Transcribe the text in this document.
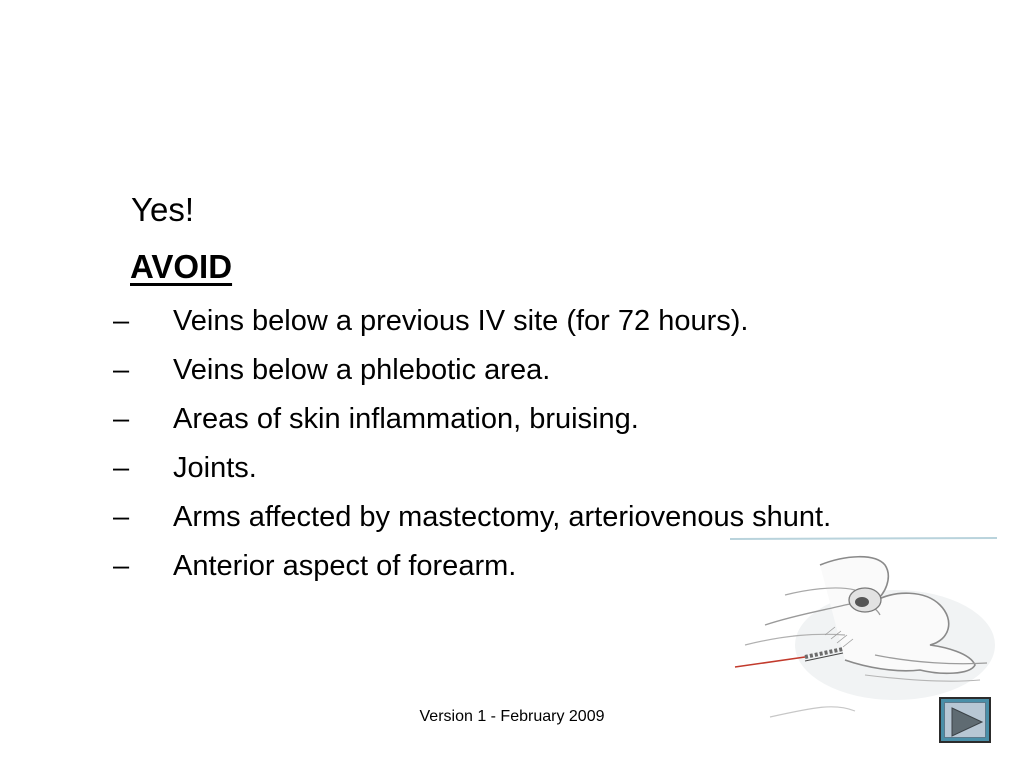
Yes!
AVOID
– Veins below a previous IV site (for 72 hours).
– Veins below a phlebotic area.
– Areas of skin inflammation, bruising.
– Joints.
– Arms affected by mastectomy, arteriovenous shunt.
– Anterior aspect of forearm.
Version 1 - February 2009
